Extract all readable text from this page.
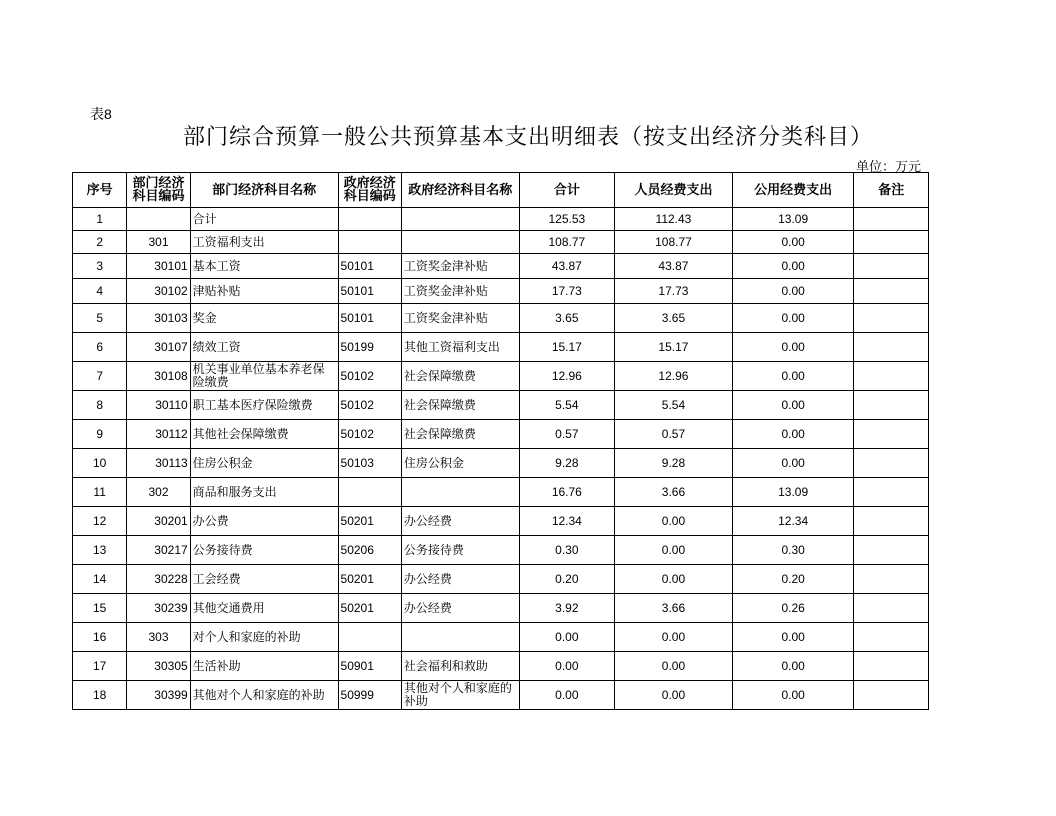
表8
部门综合预算一般公共预算基本支出明细表（按支出经济分类科目）
单位：万元
序号	部门经济科目编码	部门经济科目名称	政府经济科目编码	政府经济科目名称	合计	人员经费支出	公用经费支出	备注
1		合计			125.53	112.43	13.09	
2	301	工资福利支出			108.77	108.77	0.00	
3	30101	基本工资	50101	工资奖金津补贴	43.87	43.87	0.00	
4	30102	津贴补贴	50101	工资奖金津补贴	17.73	17.73	0.00	
5	30103	奖金	50101	工资奖金津补贴	3.65	3.65	0.00	
6	30107	绩效工资	50199	其他工资福利支出	15.17	15.17	0.00	
7	30108	机关事业单位基本养老保险缴费	50102	社会保障缴费	12.96	12.96	0.00	
8	30110	职工基本医疗保险缴费	50102	社会保障缴费	5.54	5.54	0.00	
9	30112	其他社会保障缴费	50102	社会保障缴费	0.57	0.57	0.00	
10	30113	住房公积金	50103	住房公积金	9.28	9.28	0.00	
11	302	商品和服务支出			16.76	3.66	13.09	
12	30201	办公费	50201	办公经费	12.34	0.00	12.34	
13	30217	公务接待费	50206	公务接待费	0.30	0.00	0.30	
14	30228	工会经费	50201	办公经费	0.20	0.00	0.20	
15	30239	其他交通费用	50201	办公经费	3.92	3.66	0.26	
16	303	对个人和家庭的补助			0.00	0.00	0.00	
17	30305	生活补助	50901	社会福利和救助	0.00	0.00	0.00	
18	30399	其他对个人和家庭的补助	50999	其他对个人和家庭的补助	0.00	0.00	0.00	
